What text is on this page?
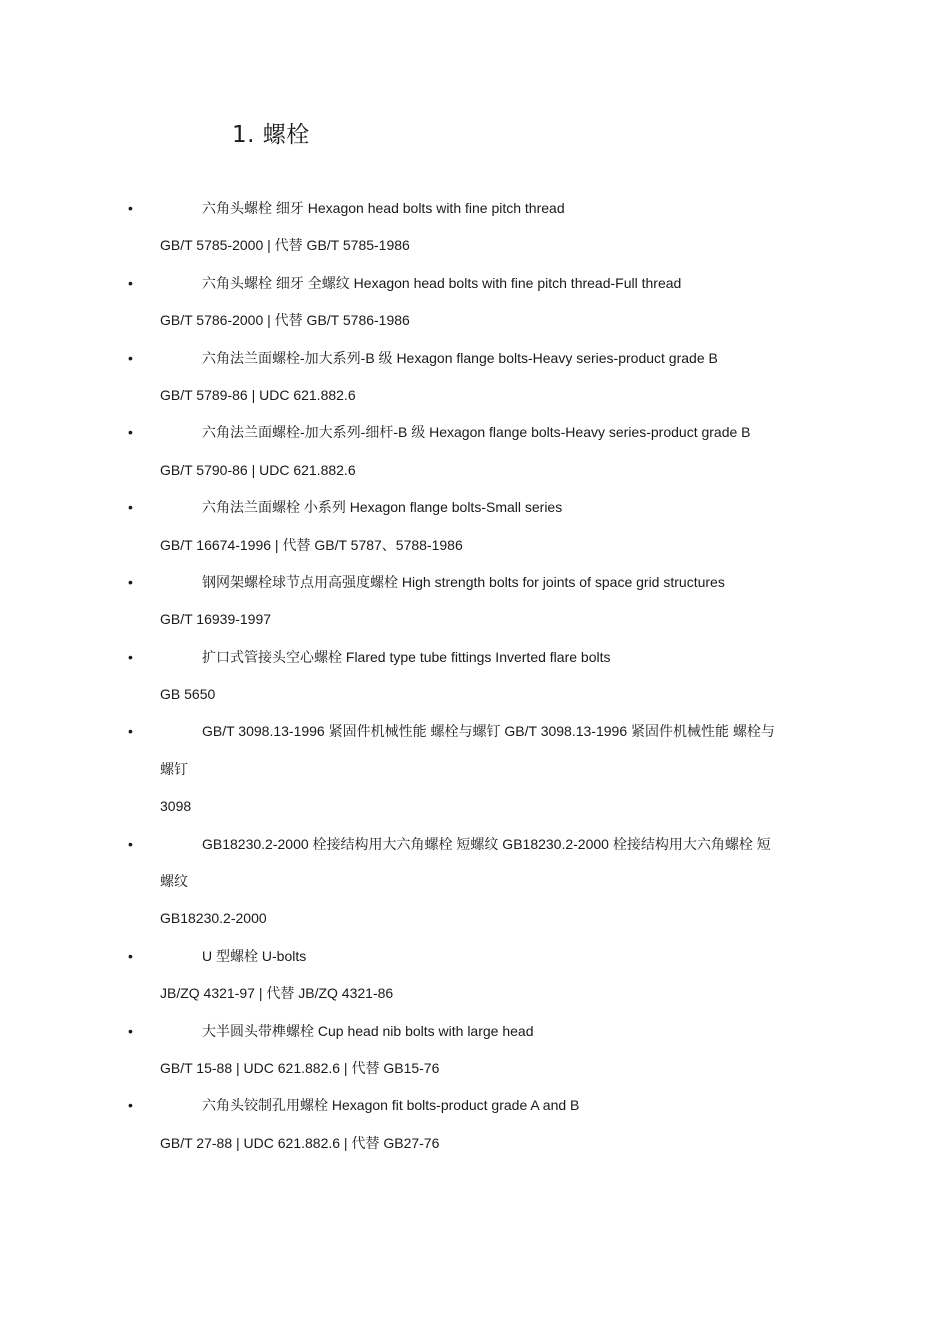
1. 螺栓
•	六角头螺栓 细牙 Hexagon head bolts with fine pitch thread
GB/T 5785-2000 | 代替 GB/T 5785-1986
•	六角头螺栓 细牙 全螺纹 Hexagon head bolts with fine pitch thread-Full thread
GB/T 5786-2000 | 代替 GB/T 5786-1986
•	六角法兰面螺栓-加大系列-B 级 Hexagon flange bolts-Heavy series-product grade B
GB/T 5789-86 | UDC 621.882.6
•	六角法兰面螺栓-加大系列-细杆-B 级 Hexagon flange bolts-Heavy series-product grade B
GB/T 5790-86 | UDC 621.882.6
•	六角法兰面螺栓 小系列 Hexagon flange bolts-Small series
GB/T 16674-1996 | 代替 GB/T 5787、5788-1986
•	钢网架螺栓球节点用高强度螺栓 High strength bolts for joints of space grid structures
GB/T 16939-1997
•	扩口式管接头空心螺栓 Flared type tube fittings Inverted flare bolts
GB 5650
•	GB/T 3098.13-1996 紧固件机械性能 螺栓与螺钉 GB/T 3098.13-1996 紧固件机械性能 螺栓与
螺钉
3098
•	GB18230.2-2000 栓接结构用大六角螺栓 短螺纹 GB18230.2-2000 栓接结构用大六角螺栓 短
螺纹
GB18230.2-2000
•	U 型螺栓 U-bolts
JB/ZQ 4321-97 | 代替 JB/ZQ 4321-86
•	大半圆头带榫螺栓 Cup head nib bolts with large head
GB/T 15-88 | UDC 621.882.6 | 代替 GB15-76
•	六角头铰制孔用螺栓 Hexagon fit bolts-product grade A and B
GB/T 27-88 | UDC 621.882.6 | 代替 GB27-76
